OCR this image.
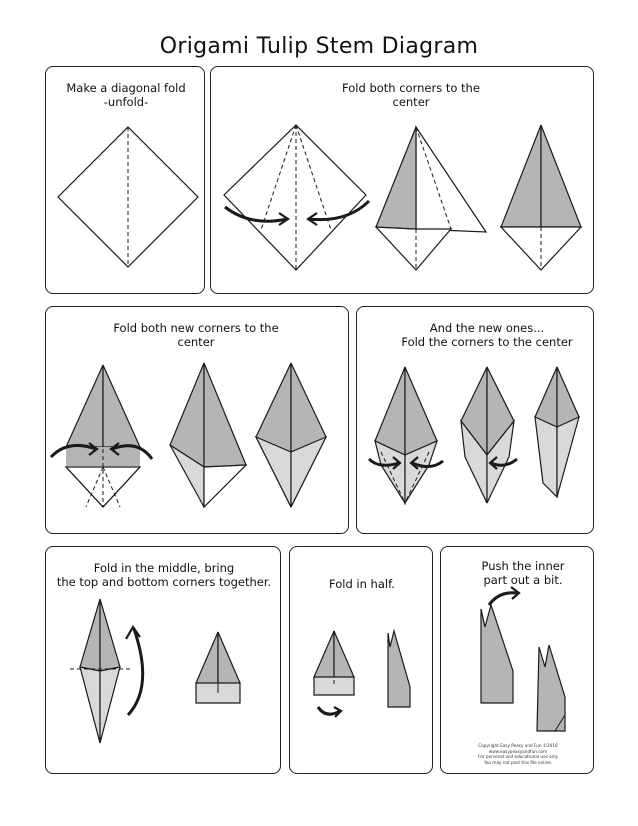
Origami Tulip Stem Diagram
Make a diagonal fold
-unfold-
Fold both corners to the
center
Fold both new corners to the
center
And the new ones...
Fold the corners to the center
Fold in the middle, bring
the top and bottom corners together.	Fold in half.
Push the inner
part out a bit.
Copyright Easy Peasy and Fun ©2016
www.easypeasyandfun.com
For personal and educational use only
You may not post this file online.
